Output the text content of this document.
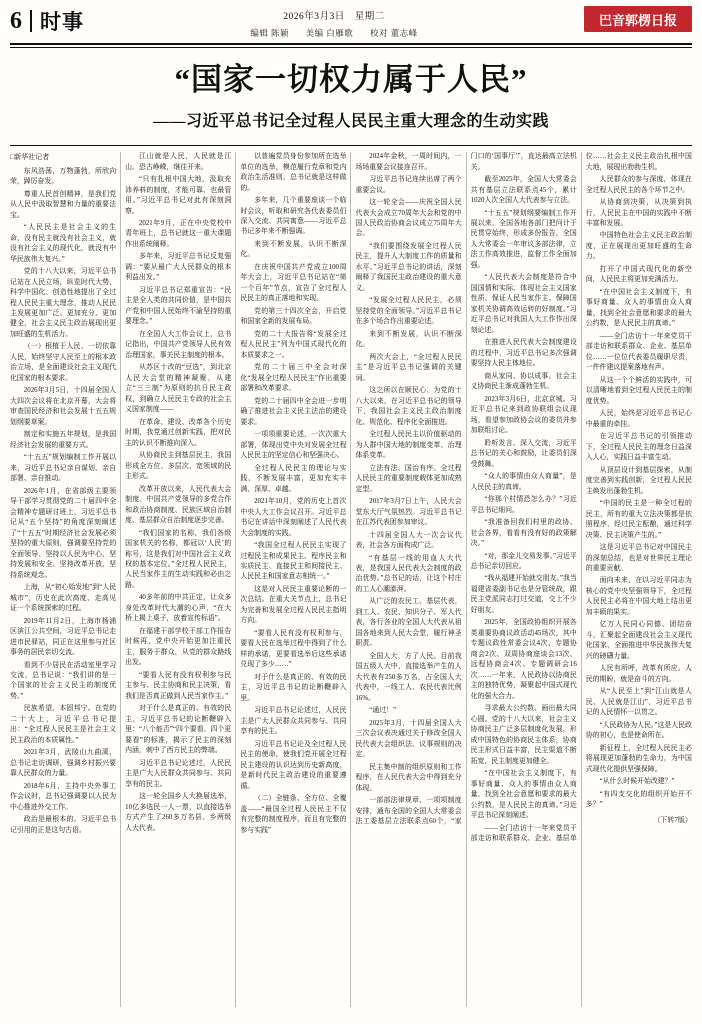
6 时事	2026年3月3日　星期二
编辑 陈颖 美编 白雁歌 校对 董志峰
巴音郭楞日报
“国家一切权力属于人民”
——习近平总书记全过程人民民主重大理念的生动实践
□新华社记者

东风浩荡，万物蓬勃，所欣向荣，踔厉奋发。

尊重人民首创精神，是我们党从人民中汲取智慧和力量的重要法宝。

“人民民主是社会主义的生命，没有民主就没有社会主义，就没有社会主义的现代化，就没有中华民族伟大复兴。”

党的十八大以来，习近平总书记站在人民立场，纵览时代大势，科学中国化、创造性地提出了全过程人民民主重大理念，推动人民民主发展更加广泛、更加充分、更加健全，社会主义民主政治展现出更加旺盛的生机活力。

（一）根植于人民、一切依靠人民，始终坚守人民至上的根本政治立场，是全面建设社会主义现代化国家的根本要求。

2026年3月5日，十四届全国人大四次会议将在北京开幕，大会将审查国民经济和社会发展十五五规划纲要草案。

制定和实施五年规划，是我国经济社会发展的重要方式。

“十五五”规划编制工作开展以来，习近平总书记亲自谋划、亲自部署、亲自推动。

2026年1月，在省部级主要领导干部学习贯彻党的二十届四中全会精神专题研讨班上，习近平总书记从“五个坚持”的角度深刻阐述了“十五五”时期经济社会发展必须坚持的重大原则，强调要坚持党的全面领导、坚持以人民为中心、坚持发展和安全、坚持改革开放、坚持系统观念。

上海，从“初心始发地”到“人民城市”，历史在此次高度、走高见证一个系统探索的过程。

2019年11月2日，上海市杨浦区滨江公共空间，习近平总书记走进市民驿站，同正在这里参与社区事务的居民亲切交流。

看到不少居民在活动室里学习交流，总书记说：“我们讲的是一个国家的社会主义民主的制度优势。”

民族希望、本固邦宁。在党的二十大上，习近平总书记提出：“全过程人民民主是社会主义民主政治的本质属性。”

2021年3月，武陵山九曲溪，总书记走访调研，强调乡村振兴要靠人民群众的力量。

2018年6月，主持中央外事工作会议时，总书记强调要以人民为中心推进外交工作。

政治是最根本的。习近平总书记引用的正是这句古语。

江山就是人民，人民就是江山。恐古峥嵘，继往开来。

“只有扎根中国大地，汲取充沛养料的制度，才能可靠、也最管用。”习近平总书记对此有深刻洞察。

2021年9月，正在中央党校中青年班上，总书记就这一重大课题作出系统阐释。

多年来，习近平总书记反复强调：“要从最广大人民群众的根本利益出发。”

习近平总书记郑重宣告：“民主是全人类的共同价值，是中国共产党和中国人民始终不渝坚持的重要理念。”

在全国人大工作会议上，总书记指出，中国共产党领导人民有效治理国家，事关民主制度的根本。

从苏区十改的“豆选”，到北京人民大会堂的精神凝聚，从建立“三三制”为原则的抗日民主政权，到确立人民民主专政的社会主义国家制度——

在革命、建设、改革各个历史时期，我党通过创新实践，把对民主的认识不断推向深入。

从协商民主到基层民主，我国形成全方位、多层次、宽领域的民主形式。

改革开放以来，人民代表大会制度、中国共产党领导的多党合作和政治协商制度、民族区域自治制度、基层群众自治制度逐步完善。

“我们国家的名称，我们各级国家机关的名称，都冠以‘人民’的称号，这是我们对中国社会主义政权的基本定位。”全过程人民民主，人民当家作主的生动实践和必由之路。

40多年前的中共正定，让众多身处改革时代大潮的心声，“在大桥上揭上桌子，放着宣传标语”。

在福建干部学校干部工作报告时候再，党中央开始更加注重民主，服务于群众，从党的群众路线出发。

“要看人民有没有权利参与民主参与、民主协商和民主决策，看我们是否真正做到人民当家作主。”

对于什么是真正的、有效的民主，习近平总书记的论断鞭辟入里：“八个能否”“四个要看、四个更要看”的标准，揭示了民主的深刻内涵，刺中了西方民主的弊端。

习近平总书记论述过，人民民主是广大人民群众共同参与、共同享有的民主。

这一轮全国乡人大换届选举，10亿多选民一人一票，以直接选举方式产生了260多万名县、乡两级人大代表。

以普遍党员身份参加所在选举单位的选举，模范履行党章和党内政治生活准则，总书记就是这样做的。

多年来，几个重要座谈一个临时会议，听取和研究各代表委员们深入交流、共同寓意——习近平总书记多年来不断强调。

来到不断发展，认识不断深化。

在庆祝中国共产党成立100周年大会上，习近平总书记站在“第一个百年”节点，宣告了全过程人民民主的真正落地和实现。

党的第三十四次全会，开启党和国家全新的发展布局。

党的二十大报告将“发展全过程人民民主”列为中国式现代化的本质要求之一。

党的二十届三中全会对深化“发展全过程人民民主”作出重要部署和改革要求。

党的二十届四中全会进一步明确了推进社会主义民主法治的建设要求。

一项项重要论述，一次次重大部署，体现出党中央对发展全过程人民民主的坚定信心和坚强决心。

全过程人民民主的理论与实践，不断发展丰富，更加充实丰满、深厚、卓越。

2021年10月，党的历史上首次中央人大工作会议召开。习近平总书记在讲话中深刻阐述了人民代表大会制度的实践。

“我国全过程人民民主实现了过程民主和成果民主、程序民主和实质民主、直接民主和间接民主、人民民主和国家意志相统一。”

这是对人民民主重要论断的一次总结。在重大关节点上，总书记为完善和发展全过程人民民主指明方向。

“要看人民有没有权利参与，要看人民在选举过程中得到了什么样的承诺，更要看选举后这些承诺兑现了多少……”

对于什么是真正的、有效的民主，习近平总书记的论断鞭辟入里。

习近平总书记论述过，人民民主是广大人民群众共同参与、共同享有的民主。

习近平总书记论及全过程人民民主的使命，使我们党开展全过程民主建设的认识达到历史新高度，是新时代民主政治建设的重要遵循。

（二）全链条、全方位、全覆盖——“最国全过程人民民主不仅有完整的制度程序，而且有完整的参与实践”

2024年金秋，一周时间内，一场场重要会议接连召开。

习近平总书记连续出席了两个重要会议。

这一轮全会——庆祝全国人民代表大会成立70周年大会和党的中国人民政治协商会议成立75周年大会。

“我们要围绕发展全过程人民民主，提升人大制度工作的质量和水平。”习近平总书记的讲话，深刻阐释了我国民主政治建设的重大意义。

“发展全过程人民民主，必须坚持党的全面领导。”习近平总书记在多个场合作出重要论述。

来到不断发展，认识不断深化。

两次大会上，“全过程人民民主”是习近平总书记强调的关键词。

这之所以在顺民心、为党的十八大以来，在习近平总书记的领导下，我国社会主义民主政治制度化、规范化、程序化全面推进。

全过程人民民主以价值驱动的为人群中国大地的制度变革、治理体系变革。

立法有法、国治有序。全过程人民民主的重要制度载体更加成熟定型。

2017年3月7日上午，人民大会堂东大厅气氛热烈。习近平总书记在江苏代表团参加审议。

十四届全国人大一次会议代表，社会各方面构成广泛。

“有基层一线的用血人大代表，是我国人民代表大会制度的政治优势。”总书记的话，让这个村庄的工人心潮澎湃。

从广泛的农民工、基层代表，到工人、农民、知识分子、军人代表，各行各业的全国人大代表从祖国各地来到人民大会堂，履行神圣职责。

全国人大，方了人民。目前我国五级人大中，直接选举产生的人大代表有250多万名，占全国人大代表中，一线工人、农民代表比例16%。

“通过！”

2025年3月，十四届全国人大三次会议表决通过关于修改全国人民代表大会组织法、议事规则的决定。

民主集中制的组织原则和工作程序，在人民代表大会中得到充分体现。

一部部法律规章、一项项制度安排，通布全国的全国人大常委会法工委基层立法联系点60个，“家门口的‘国事厅’”，直达最高立法机关。

截至2025年，全国人大常委会共有基层立法联系点45个，累计1020人次全国人大代表参与立法。

“十五五”规划纲要编制工作开展以来，全国各地各部门把问计于民贯穿始终，形成多份报告，全国人大常委会一年审议多部法律，立法工作高效推进，监督工作全面加强。

“人民代表大会制度是符合中国国情和实际、体现社会主义国家性质、保证人民当家作主、保障国家机关协调高效运转的好制度。”习近平总书记对我国人大工作作出深刻论述。

在推进人民代表大会制度建设的过程中，习近平总书记多次强调要坚持人民主体地位。

商从家同、协以成事。社会主义协商民主渐成蓬勃生机。

2023年3月6日，北京京城。习近平总书记来到政协联组会议现场，看望参加政协会议的委员并参加联组讨论。

聆听发言、深入交流，习近平总书记的关心和鼓励，让委员们深受鼓舞。

“众人的事情由众人商量”，是人民民主的真谛。

“你那个村情恐怎么办？”习近平总书记细问。

“我准备回我们村里的政协、社会各界，看看有没有好的政策解决。”

“对，那金儿交易发事。”习近平总书记亲切回应。

“我从福建开始就交朋友。”我当福建省委副书记也是分管统战，跟民主党派同志打过交道，交上不少好朋友。

2025年，全国政协组织开展各类重要协商议政活动45场次，其中专题议政性常委会议4次、专题协商会2次、双周协商座谈会13次、远程协商会4次、专题调研会16次……一年来，人民政协以协商民主的独特优势，凝聚起中国式现代化的强大合力。

寻求最大公约数、画出最大同心圆。党的十八大以来，社会主义协商民主广泛多层制度化发展，形成中国特色的协商民主体系，协商民主形式日益丰富，民主渠道不断拓宽，民主制度更加健全。

“在中国社会主义制度下，有事好商量、众人的事情由众人商量，找到全社会意愿和要求的最大公约数，是人民民主的真谛。”习近平总书记深刻阐述。

——全门店访十一年来党员干部走访和联系群众、企业、基层单位……社会主义民主政治扎根中国大地，展现出勃勃生机。

人民群众的参与深度，体现在全过程人民民主的各个环节之中。

从协商到决策，从决策到执行，人民民主在中国的实践中不断丰富和发展。

中国特色社会主义民主政治制度，正在展现出更加旺盛的生命力。

打开了中国式现代化的新空间，人民民主将更加充满活力。

“在中国社会主义制度下，有事好商量、众人的事情由众人商量，找到全社会意愿和要求的最大公约数，是人民民主的真谛。”

——全门店访十一年来党员干部走访和联系群众、企业、基层单位……一位位代表委员履职尽责，一件件建议提案落地有声。

从这一个个鲜活的实践中，可以清晰地看到全过程人民民主的制度优势。

人民，始终是习近平总书记心中最重的牵挂。

在习近平总书记的引领推动下，全过程人民民主的理念日益深入人心，实践日益丰富生动。

从顶层设计到基层探索，从制度完善到实践创新，全过程人民民主焕发出蓬勃生机。

“中国的民主是一种全过程的民主，所有的重大立法决策都是依照程序、经过民主酝酿，通过科学决策、民主决策产生的。”

这是习近平总书记对中国民主的深刻总结，也是对世界民主理论的重要贡献。

面向未来，在以习近平同志为核心的党中央坚强领导下，全过程人民民主必将在中国大地上结出更加丰硕的果实。

亿万人民同心同德、团结奋斗，汇聚起全面建设社会主义现代化国家、全面推进中华民族伟大复兴的磅礴力量。

人民有所呼，改革有所应。人民的期盼，就是奋斗的方向。

从“人民至上”到“江山就是人民、人民就是江山”，习近平总书记的人民情怀一以贯之。

“人民政协为人民。”这是人民政协的初心，也是使命所在。

新征程上，全过程人民民主必将展现更加蓬勃的生命力，为中国式现代化提供坚强保障。

“从什么时候开始改建？”

“有四支交化的组织开始开不多？”

（下转7版）
